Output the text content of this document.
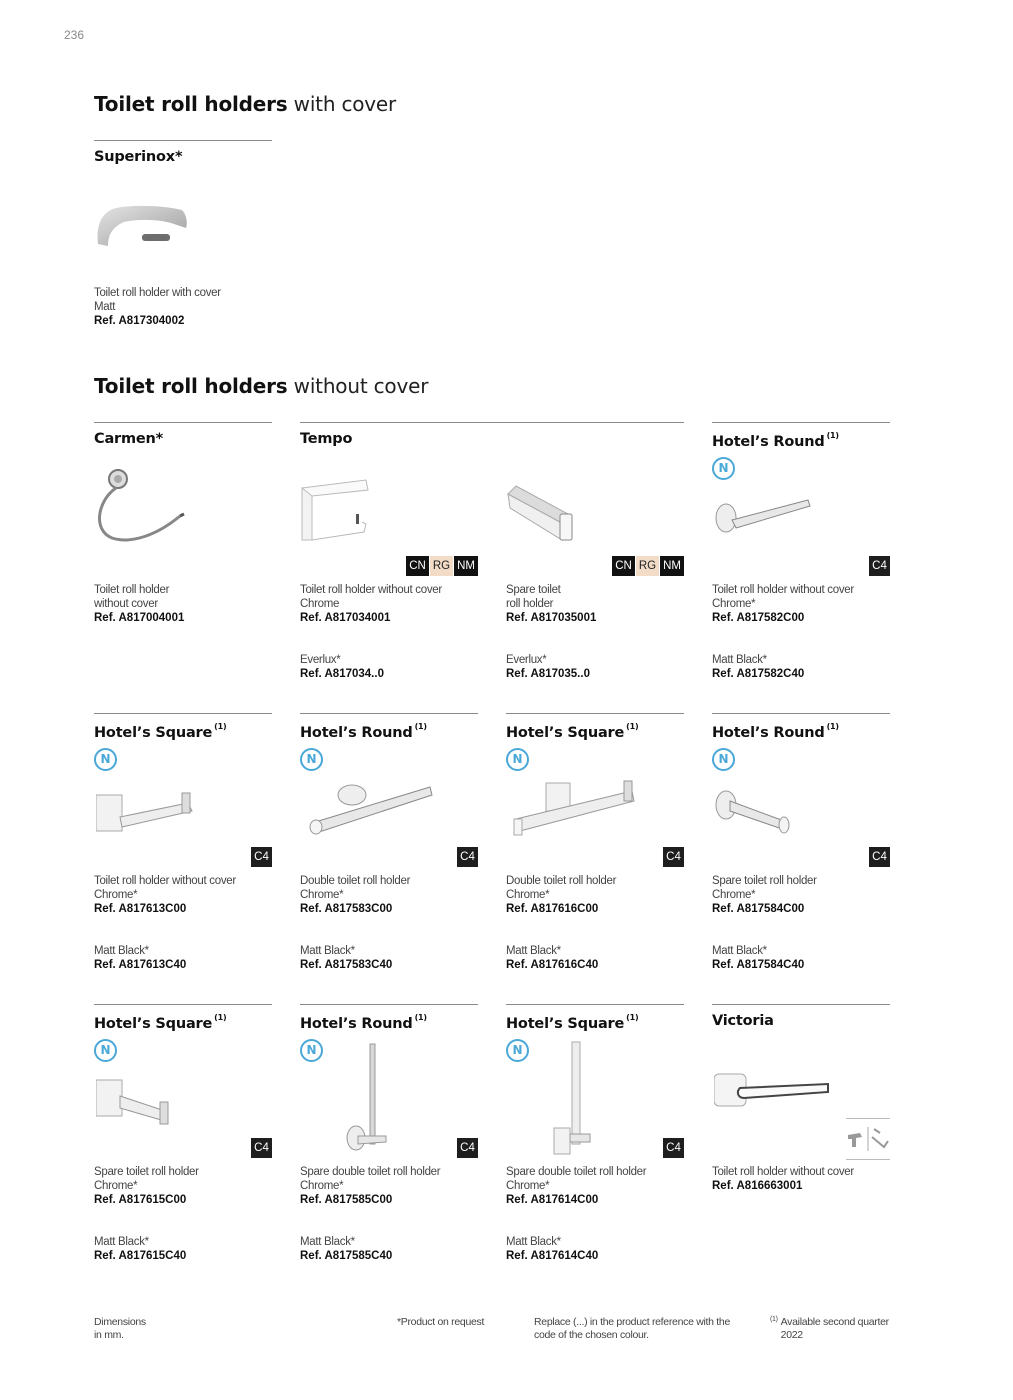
236
Toilet roll holders with cover
Superinox*
Toilet roll holder with cover
Matt
Ref. A817304002
Toilet roll holders without cover
Carmen*
Toilet roll holder
without cover
Ref. A817004001
Tempo
CN RG NM
Toilet roll holder without cover
Chrome
Ref. A817034001
Everlux*
Ref. A817034..0
CN RG NM
Spare toilet
roll holder
Ref. A817035001
Everlux*
Ref. A817035..0
Hotel’s Round $^{(1)}$
N
C4
Toilet roll holder without cover
Chrome*
Ref. A817582C00
Matt Black*
Ref. A817582C40
Hotel’s Square $^{(1)}$
N
C4
Toilet roll holder without cover
Chrome*
Ref. A817613C00
Matt Black*
Ref. A817613C40
Hotel’s Round $^{(1)}$
N
C4
Double toilet roll holder
Chrome*
Ref. A817583C00
Matt Black*
Ref. A817583C40
Hotel’s Square $^{(1)}$
N
C4
Double toilet roll holder
Chrome*
Ref. A817616C00
Matt Black*
Ref. A817616C40
Hotel’s Round $^{(1)}$
N
C4
Spare toilet roll holder
Chrome*
Ref. A817584C00
Matt Black*
Ref. A817584C40
Hotel’s Square $^{(1)}$
N
C4
Spare toilet roll holder
Chrome*
Ref. A817615C00
Matt Black*
Ref. A817615C40
Hotel’s Round $^{(1)}$
N
C4
Spare double toilet roll holder
Chrome*
Ref. A817585C00
Matt Black*
Ref. A817585C40
Hotel’s Square $^{(1)}$
N
C4
Spare double toilet roll holder
Chrome*
Ref. A817614C00
Matt Black*
Ref. A817614C40
Victoria
Toilet roll holder without cover
Ref. A816663001
Dimensions
in mm.
*Product on request	Replace (...) in the product reference with the
code of the chosen colour.
(1) Available second quarter
2022
